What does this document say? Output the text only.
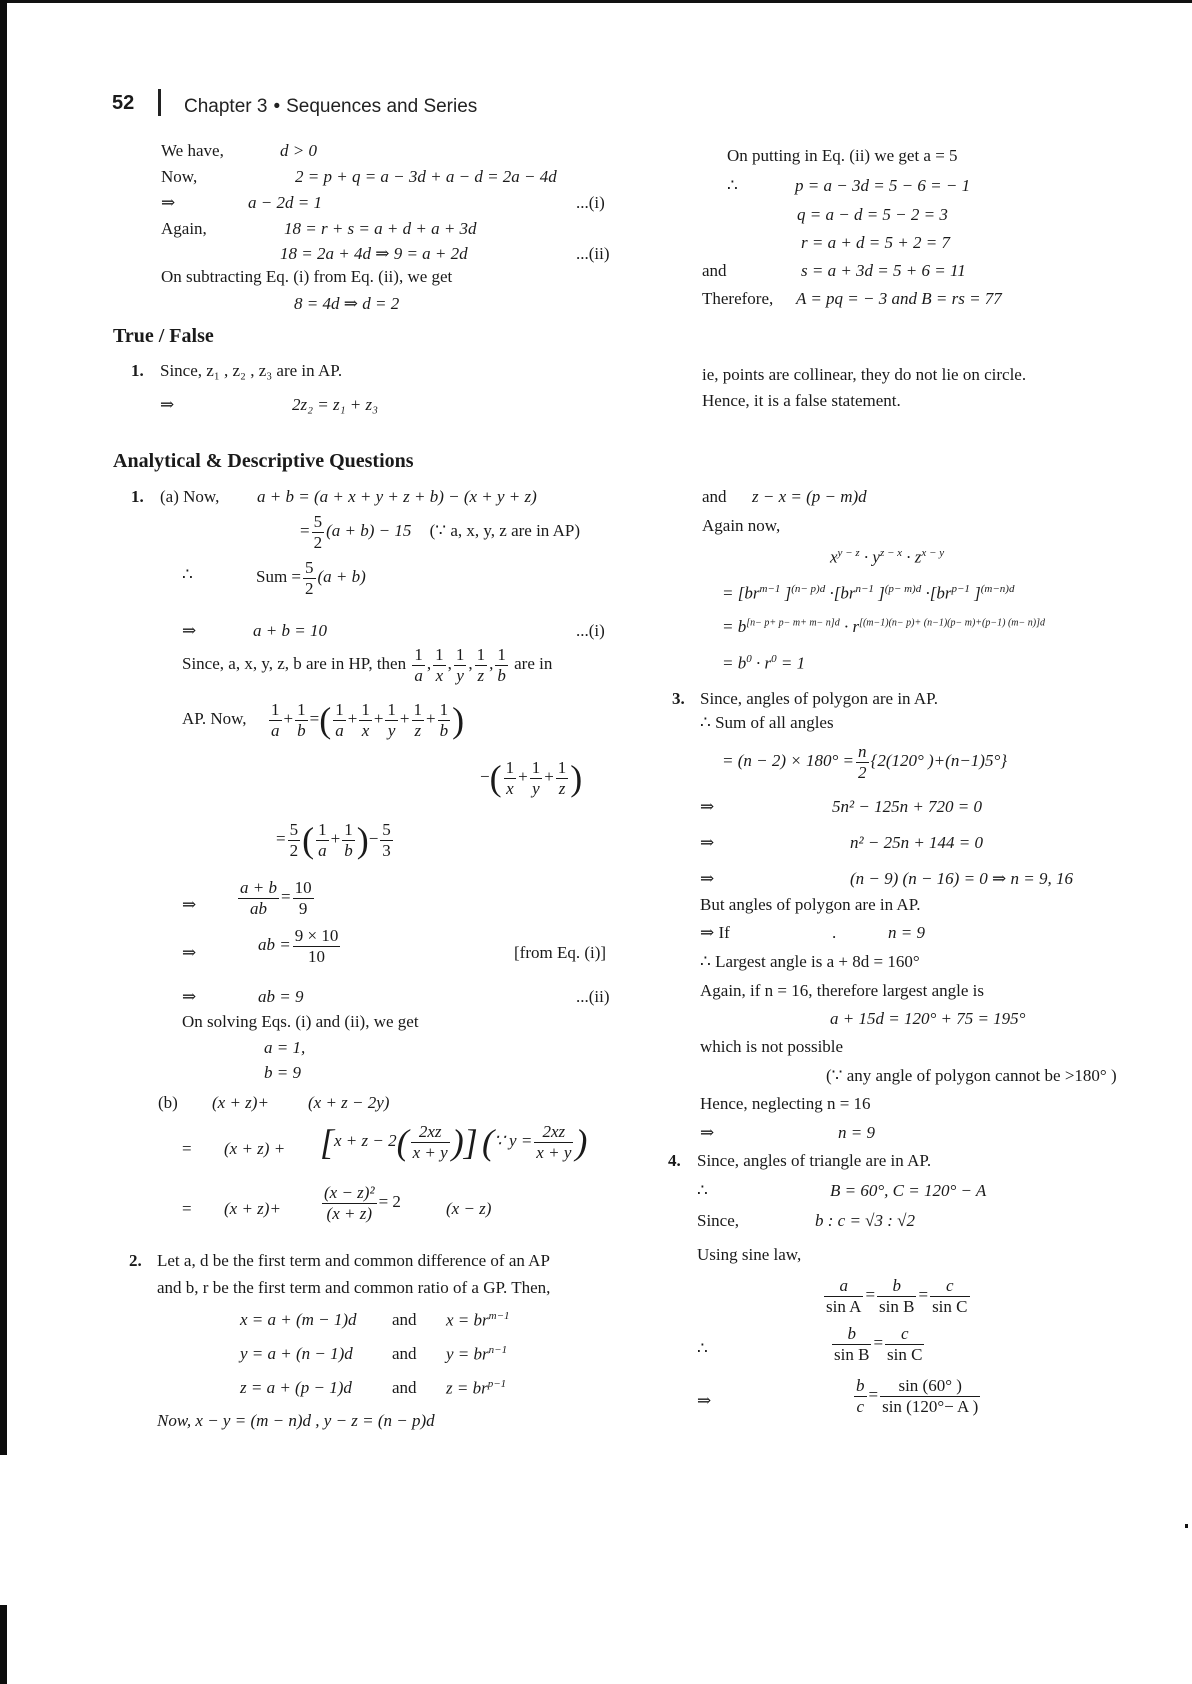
52	Chapter 3 • Sequences and Series
We have,	d > 0
Now,	2 = p + q = a − 3d + a − d = 2a − 4d
⇒	a − 2d = 1	...(i)
Again,	18 = r + s = a + d + a + 3d
18 = 2a + 4d ⇒ 9 = a + 2d	...(ii)
On subtracting Eq. (i) from Eq. (ii), we get
8 = 4d ⇒ d = 2
True / False
1. Since, z₁ , z₂ , z₃ are in AP.
⇒	2z₂ = z₁ + z₃
Analytical & Descriptive Questions
1. (a) Now, a + b = (a + x + y + z + b) − (x + y + z)
= $\frac{5}{2} (a + b) - 15$ (∵ a, x, y, z are in AP)
∴	Sum = $\frac{5}{2} (a + b)$
⇒	a + b = 10	...(i)
Since, a, x, y, z, b are in HP, then $\frac{1}{a}$ , $\frac{1}{x}$ , $\frac{1}{y}$ , $\frac{1}{z}$ , $\frac{1}{b}$ are in
AP. Now, $\frac{1}{a} + \frac{1}{b}$ =( $\frac{1}{a} + \frac{1}{x} + \frac{1}{y} + \frac{1}{z} + \frac{1}{b}$ )
−( $\frac{1}{x} + \frac{1}{y} + \frac{1}{z}$ )
= $\frac{5}{2}$ ( $\frac{1}{a} + \frac{1}{b}$ )− $\frac{5}{3}$
⇒ $\frac{a + b}{ab} = \frac{10}{9}$
⇒	ab = $\frac{9 \times 10}{10}$	[from Eq. (i)]
⇒	ab = 9	...(ii)
On solving Eqs. (i) and (ii), we get
a = 1,
b = 9
(b) (x + z)+ (x + z − 2y)
= $(x + z) + [x + z - 2( \frac{2xz}{x + y}$ )] (∵ $y = \frac{2xz}{x + y}$ )
= $(x + z)+ \frac{\text{(x − z)²}}{(x + z)} = 2$	(x − z)
2. Let a, d be the first term and common difference of an AP
and b, r be the first term and common ratio of a GP. Then,
x = a + (m − 1)d and $x = br^{m-1}$
y = a + (n − 1)d and $y = br^{n-1}$
z = a + (p − 1)d and $z = br^{p-1}$
Now, x − y = (m − n)d , y − z = (n − p)d
On putting in Eq. (ii) we get a = 5
∴	p = a − 3d = 5 − 6 = − 1
q = a − d = 5 − 2 = 3
r = a + d = 5 + 2 = 7
and	s = a + 3d = 5 + 6 = 11
Therefore, A = pq = − 3 and B = rs = 77
ie, points are collinear, they do not lie on circle.
Hence, it is a false statement.
and z − x = (p − m)d
Again now,
$x^{y - z} \cdot y^{z - x} \cdot z^{x - y}$
= [$br^{m-1}$ ]$^{(n- p)d} \cdot[br^{n-1}$ ]$^{(p- m)d} \cdot[br^{p-1}$ ]$^{(m-n)d}$
= $b^{[n- p+ p- m+ m- n]d} \cdot r^{[(m-1)(n- p)+ (n-1)(p- m)+(p-1) (m- n)]d}$
= $b^0 \cdot r^0 = 1$
3. Since, angles of polygon are in AP.
∴ Sum of all angles
= $(n - 2) \times 180^\circ = \frac{n}{2} \{2(120^\circ$ )+(n−1)5°}
⇒	5n² − 125n + 720 = 0
⇒	n² − 25n + 144 = 0
⇒	(n − 9) (n − 16) = 0 ⇒ n = 9, 16
But angles of polygon are in AP.
⇒ If	.	n = 9
∴ Largest angle is a + 8d = 160°
Again, if n = 16, therefore largest angle is
a + 15d = 120° + 75 = 195°
which is not possible
(∵ any angle of polygon cannot be >180° )
Hence, neglecting n = 16
⇒	n = 9
4. Since, angles of triangle are in AP.
∴	B = 60°, C = 120° − A
Since,	b : c = √3 : √2
Using sine law,
$\frac{a}{\text{sin A}} = \frac{b}{\text{sin B}} = \frac{c}{\text{sin C}}$
∴	$\frac{b}{\text{sin B}} = \frac{c}{\text{sin C}}$
⇒	$\frac{b}{c} = \frac{\sin (60^\circ )}{\sin (120^\circ- A )}$
